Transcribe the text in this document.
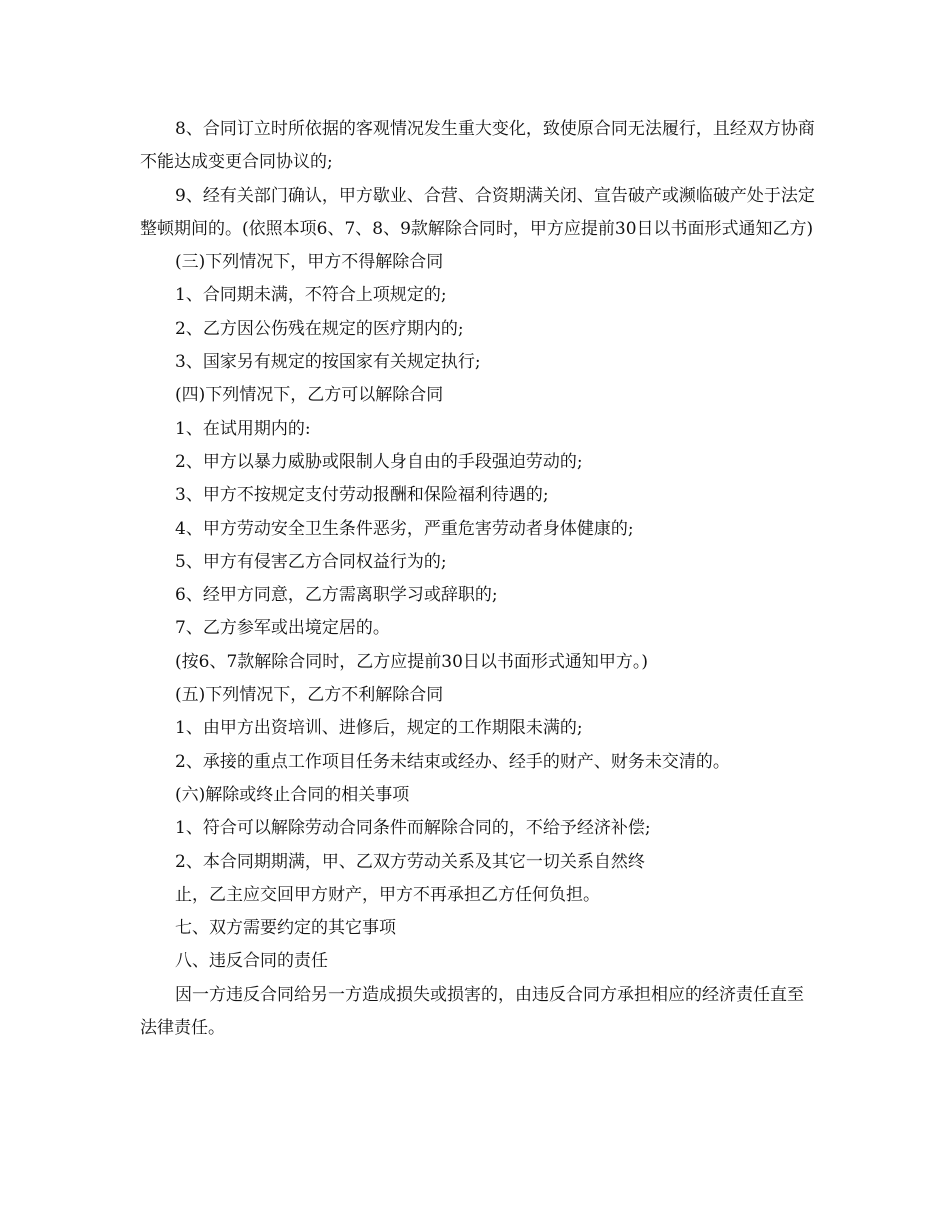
8、合同订立时所依据的客观情况发生重大变化，致使原合同无法履行，且经双方协商不能达成变更合同协议的;

9、经有关部门确认，甲方歇业、合营、合资期满关闭、宣告破产或濒临破产处于法定整顿期间的。(依照本项6、7、8、9款解除合同时，甲方应提前30日以书面形式通知乙方)

(三)下列情况下，甲方不得解除合同

1、合同期未满，不符合上项规定的;

2、乙方因公伤残在规定的医疗期内的;

3、国家另有规定的按国家有关规定执行;

(四)下列情况下，乙方可以解除合同

1、在试用期内的:

2、甲方以暴力威胁或限制人身自由的手段强迫劳动的;

3、甲方不按规定支付劳动报酬和保险福利待遇的;

4、甲方劳动安全卫生条件恶劣，严重危害劳动者身体健康的;

5、甲方有侵害乙方合同权益行为的;

6、经甲方同意，乙方需离职学习或辞职的;

7、乙方参军或出境定居的。

(按6、7款解除合同时，乙方应提前30日以书面形式通知甲方。)

(五)下列情况下，乙方不利解除合同

1、由甲方出资培训、进修后，规定的工作期限未满的;

2、承接的重点工作项目任务未结束或经办、经手的财产、财务未交清的。

(六)解除或终止合同的相关事项

1、符合可以解除劳动合同条件而解除合同的，不给予经济补偿;

2、本合同期期满，甲、乙双方劳动关系及其它一切关系自然终

止，乙主应交回甲方财产，甲方不再承担乙方任何负担。

七、双方需要约定的其它事项

八、违反合同的责任

因一方违反合同给另一方造成损失或损害的，由违反合同方承担相应的经济责任直至法律责任。
